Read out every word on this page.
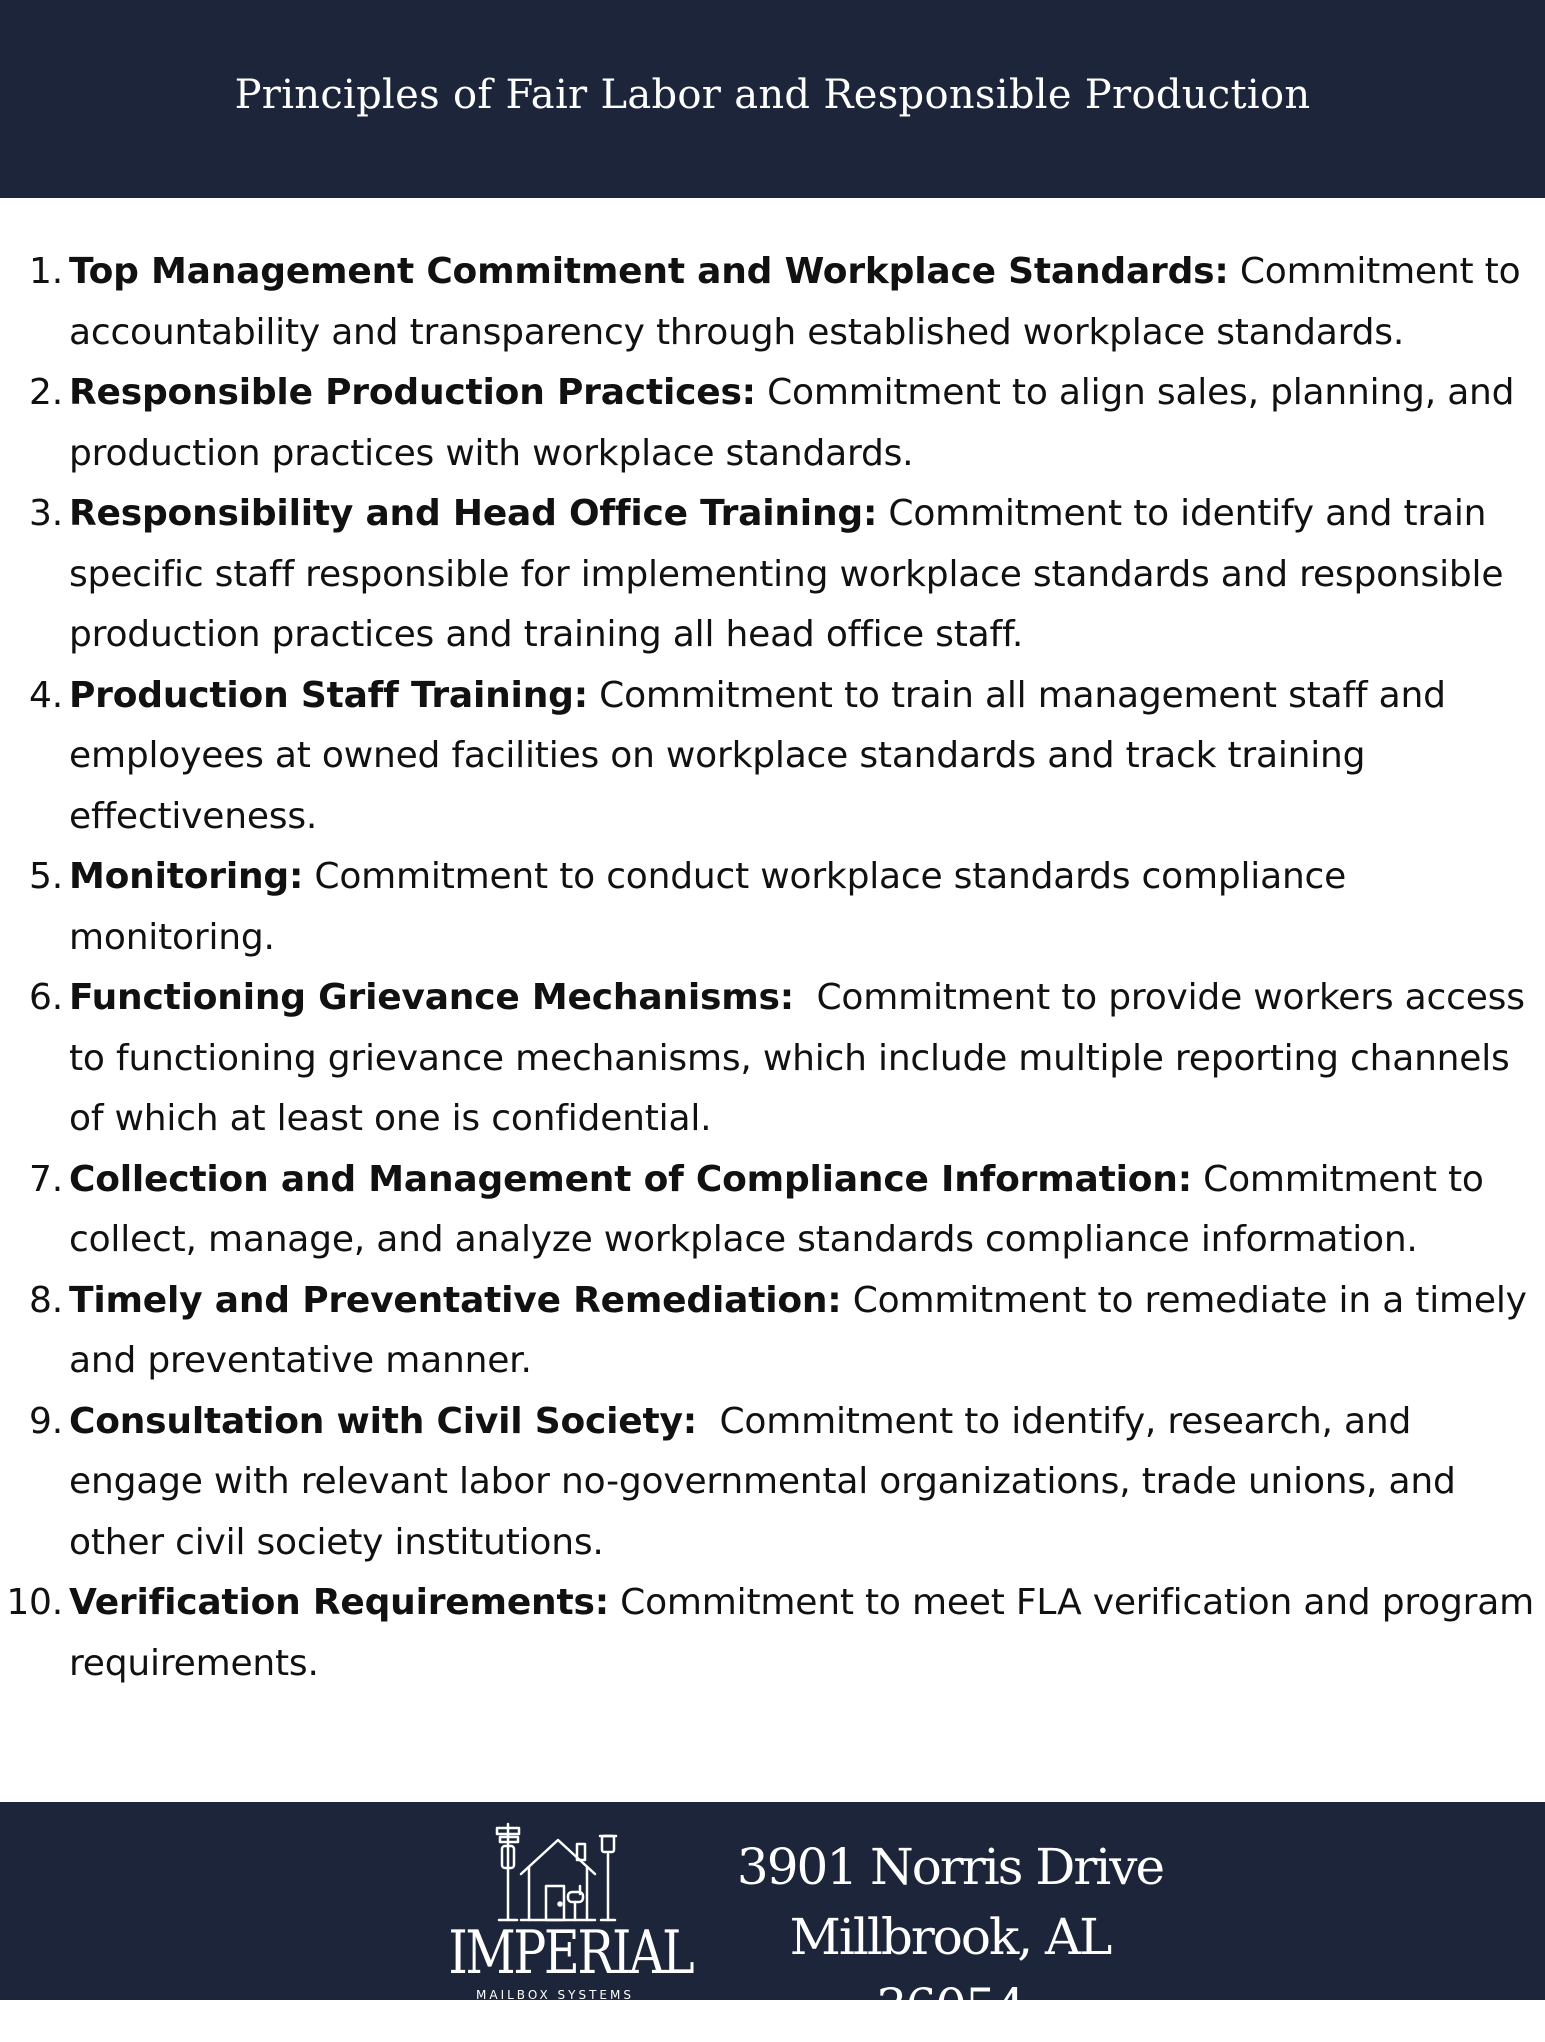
Principles of Fair Labor and Responsible Production
1. Top Management Commitment and Workplace Standards: Commitment to accountability and transparency through established workplace standards.
2. Responsible Production Practices: Commitment to align sales, planning, and production practices with workplace standards.
3. Responsibility and Head Office Training: Commitment to identify and train specific staff responsible for implementing workplace standards and responsible production practices and training all head office staff.
4. Production Staff Training: Commitment to train all management staff and employees at owned facilities on workplace standards and track training effectiveness.
5. Monitoring: Commitment to conduct workplace standards compliance monitoring.
6. Functioning Grievance Mechanisms:  Commitment to provide workers access to functioning grievance mechanisms, which include multiple reporting channels of which at least one is confidential.
7. Collection and Management of Compliance Information: Commitment to collect, manage, and analyze workplace standards compliance information.
8. Timely and Preventative Remediation: Commitment to remediate in a timely and preventative manner.
9. Consultation with Civil Society:  Commitment to identify, research, and engage with relevant labor no-governmental organizations, trade unions, and other civil society institutions.
10. Verification Requirements: Commitment to meet FLA verification and program requirements.
IMPERIAL
MAILBOX SYSTEMS
3901 Norris Drive
Millbrook, AL 36054
